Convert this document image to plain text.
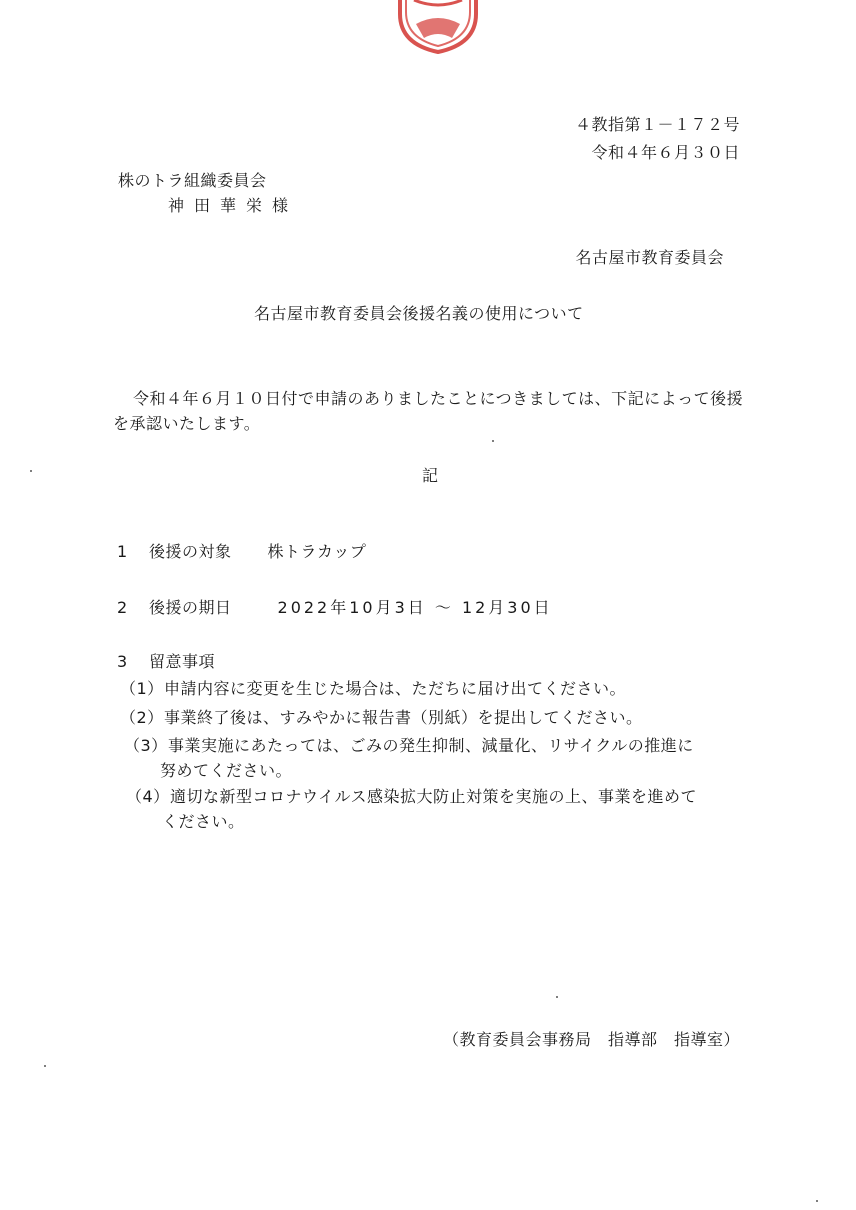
４教指第１－１７２号
令和４年６月３０日
株のトラ組織委員会
神田華栄様
名古屋市教育委員会
名古屋市教育委員会後援名義の使用について
令和４年６月１０日付で申請のありましたことにつきましては、下記によって後援を承認いたします。
記
1 後援の対象 株トラカップ
2 後援の期日	2022年10月3日 ～ 12月30日
3 留意事項
（1）申請内容に変更を生じた場合は、ただちに届け出てください。
（2）事業終了後は、すみやかに報告書（別紙）を提出してください。
（3）事業実施にあたっては、ごみの発生抑制、減量化、リサイクルの推進に
努めてください。
（4）適切な新型コロナウイルス感染拡大防止対策を実施の上、事業を進めて
ください。
（教育委員会事務局　指導部　指導室）
